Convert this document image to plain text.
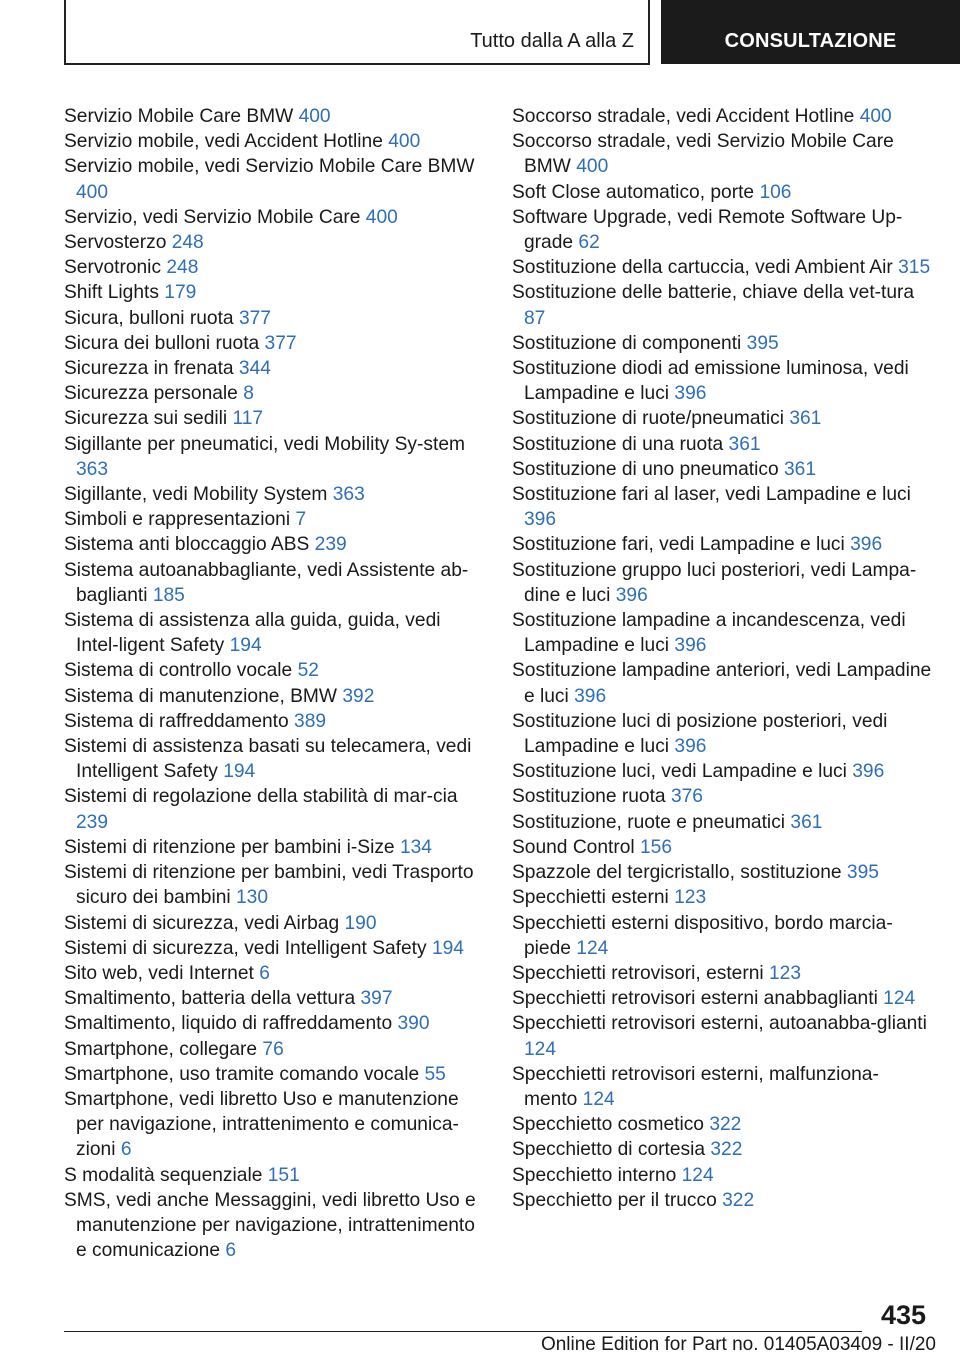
Tutto dalla A alla Z	CONSULTAZIONE
Servizio Mobile Care BMW 400
Servizio mobile, vedi Accident Hotline 400
Servizio mobile, vedi Servizio Mobile Care BMW 400
Servizio, vedi Servizio Mobile Care 400
Servosterzo 248
Servotronic 248
Shift Lights 179
Sicura, bulloni ruota 377
Sicura dei bulloni ruota 377
Sicurezza in frenata 344
Sicurezza personale 8
Sicurezza sui sedili 117
Sigillante per pneumatici, vedi Mobility Sy-stem 363
Sigillante, vedi Mobility System 363
Simboli e rappresentazioni 7
Sistema anti bloccaggio ABS 239
Sistema autoanabbagliante, vedi Assistente ab-baglianti 185
Sistema di assistenza alla guida, guida, vedi Intel-ligent Safety 194
Sistema di controllo vocale 52
Sistema di manutenzione, BMW 392
Sistema di raffreddamento 389
Sistemi di assistenza basati su telecamera, vedi Intelligent Safety 194
Sistemi di regolazione della stabilità di mar-cia 239
Sistemi di ritenzione per bambini i-Size 134
Sistemi di ritenzione per bambini, vedi Trasporto sicuro dei bambini 130
Sistemi di sicurezza, vedi Airbag 190
Sistemi di sicurezza, vedi Intelligent Safety 194
Sito web, vedi Internet 6
Smaltimento, batteria della vettura 397
Smaltimento, liquido di raffreddamento 390
Smartphone, collegare 76
Smartphone, uso tramite comando vocale 55
Smartphone, vedi libretto Uso e manutenzione per navigazione, intrattenimento e comunica-zioni 6
S modalità sequenziale 151
SMS, vedi anche Messaggini, vedi libretto Uso e manutenzione per navigazione, intrattenimento e comunicazione 6
Soccorso stradale, vedi Accident Hotline 400
Soccorso stradale, vedi Servizio Mobile Care BMW 400
Soft Close automatico, porte 106
Software Upgrade, vedi Remote Software Up-grade 62
Sostituzione della cartuccia, vedi Ambient Air 315
Sostituzione delle batterie, chiave della vet-tura 87
Sostituzione di componenti 395
Sostituzione diodi ad emissione luminosa, vedi Lampadine e luci 396
Sostituzione di ruote/pneumatici 361
Sostituzione di una ruota 361
Sostituzione di uno pneumatico 361
Sostituzione fari al laser, vedi Lampadine e luci 396
Sostituzione fari, vedi Lampadine e luci 396
Sostituzione gruppo luci posteriori, vedi Lampa-dine e luci 396
Sostituzione lampadine a incandescenza, vedi Lampadine e luci 396
Sostituzione lampadine anteriori, vedi Lampadine e luci 396
Sostituzione luci di posizione posteriori, vedi Lampadine e luci 396
Sostituzione luci, vedi Lampadine e luci 396
Sostituzione ruota 376
Sostituzione, ruote e pneumatici 361
Sound Control 156
Spazzole del tergicristallo, sostituzione 395
Specchietti esterni 123
Specchietti esterni dispositivo, bordo marcia-piede 124
Specchietti retrovisori, esterni 123
Specchietti retrovisori esterni anabbaglianti 124
Specchietti retrovisori esterni, autoanabba-glianti 124
Specchietti retrovisori esterni, malfunziona-mento 124
Specchietto cosmetico 322
Specchietto di cortesia 322
Specchietto interno 124
Specchietto per il trucco 322
435
Online Edition for Part no. 01405A03409 - II/20
